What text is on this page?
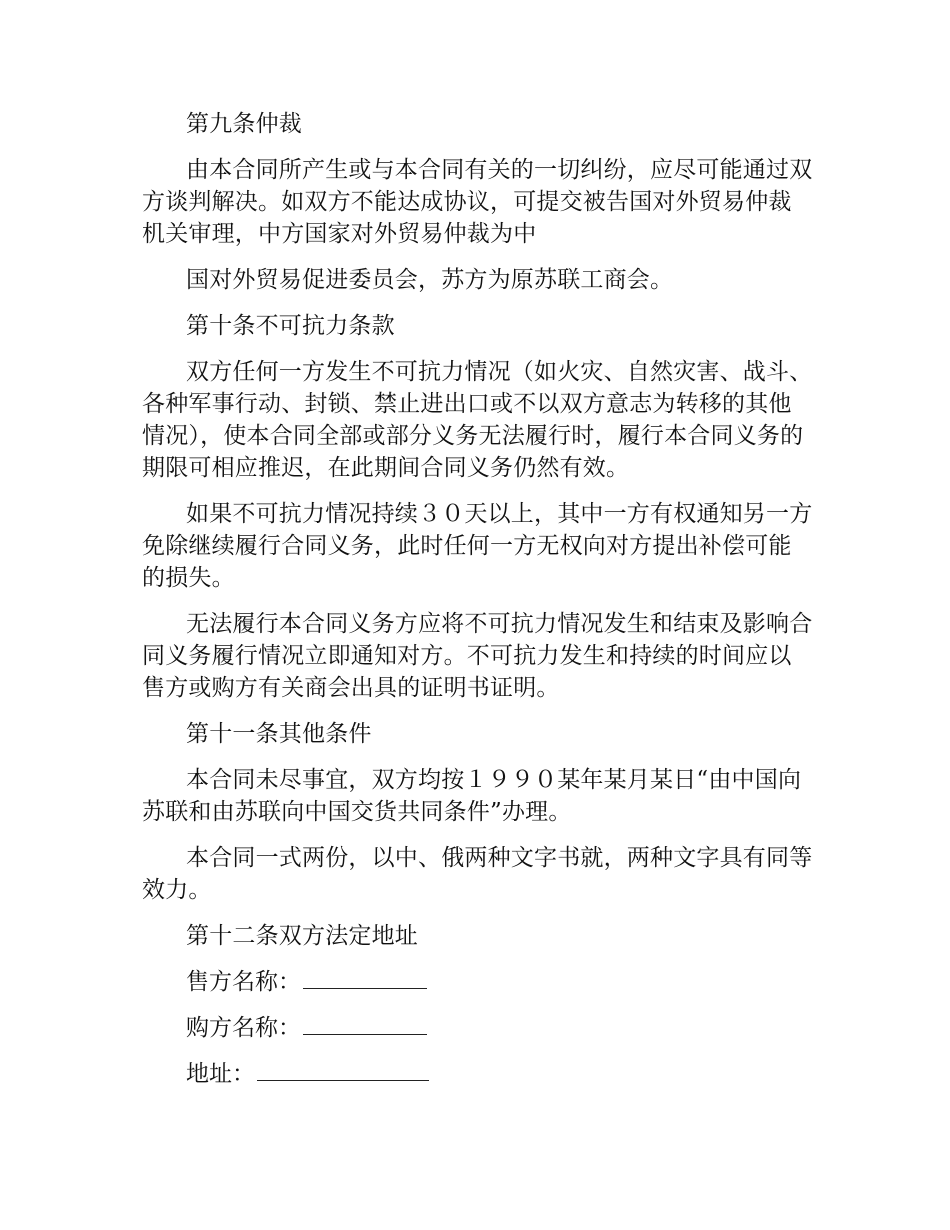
第九条仲裁

由本合同所产生或与本合同有关的一切纠纷，应尽可能通过双方谈判解决。如双方不能达成协议，可提交被告国对外贸易仲裁机关审理，中方国家对外贸易仲裁为中

国对外贸易促进委员会，苏方为原苏联工商会。

第十条不可抗力条款

双方任何一方发生不可抗力情况（如火灾、自然灾害、战斗、各种军事行动、封锁、禁止进出口或不以双方意志为转移的其他情况），使本合同全部或部分义务无法履行时，履行本合同义务的期限可相应推迟，在此期间合同义务仍然有效。

如果不可抗力情况持续３０天以上，其中一方有权通知另一方免除继续履行合同义务，此时任何一方无权向对方提出补偿可能的损失。

无法履行本合同义务方应将不可抗力情况发生和结束及影响合同义务履行情况立即通知对方。不可抗力发生和持续的时间应以售方或购方有关商会出具的证明书证明。

第十一条其他条件

本合同未尽事宜，双方均按１９９０某年某月某日“由中国向苏联和由苏联向中国交货共同条件”办理。

本合同一式两份，以中、俄两种文字书就，两种文字具有同等效力。

第十二条双方法定地址

售方名称：
购方名称：
地址：
